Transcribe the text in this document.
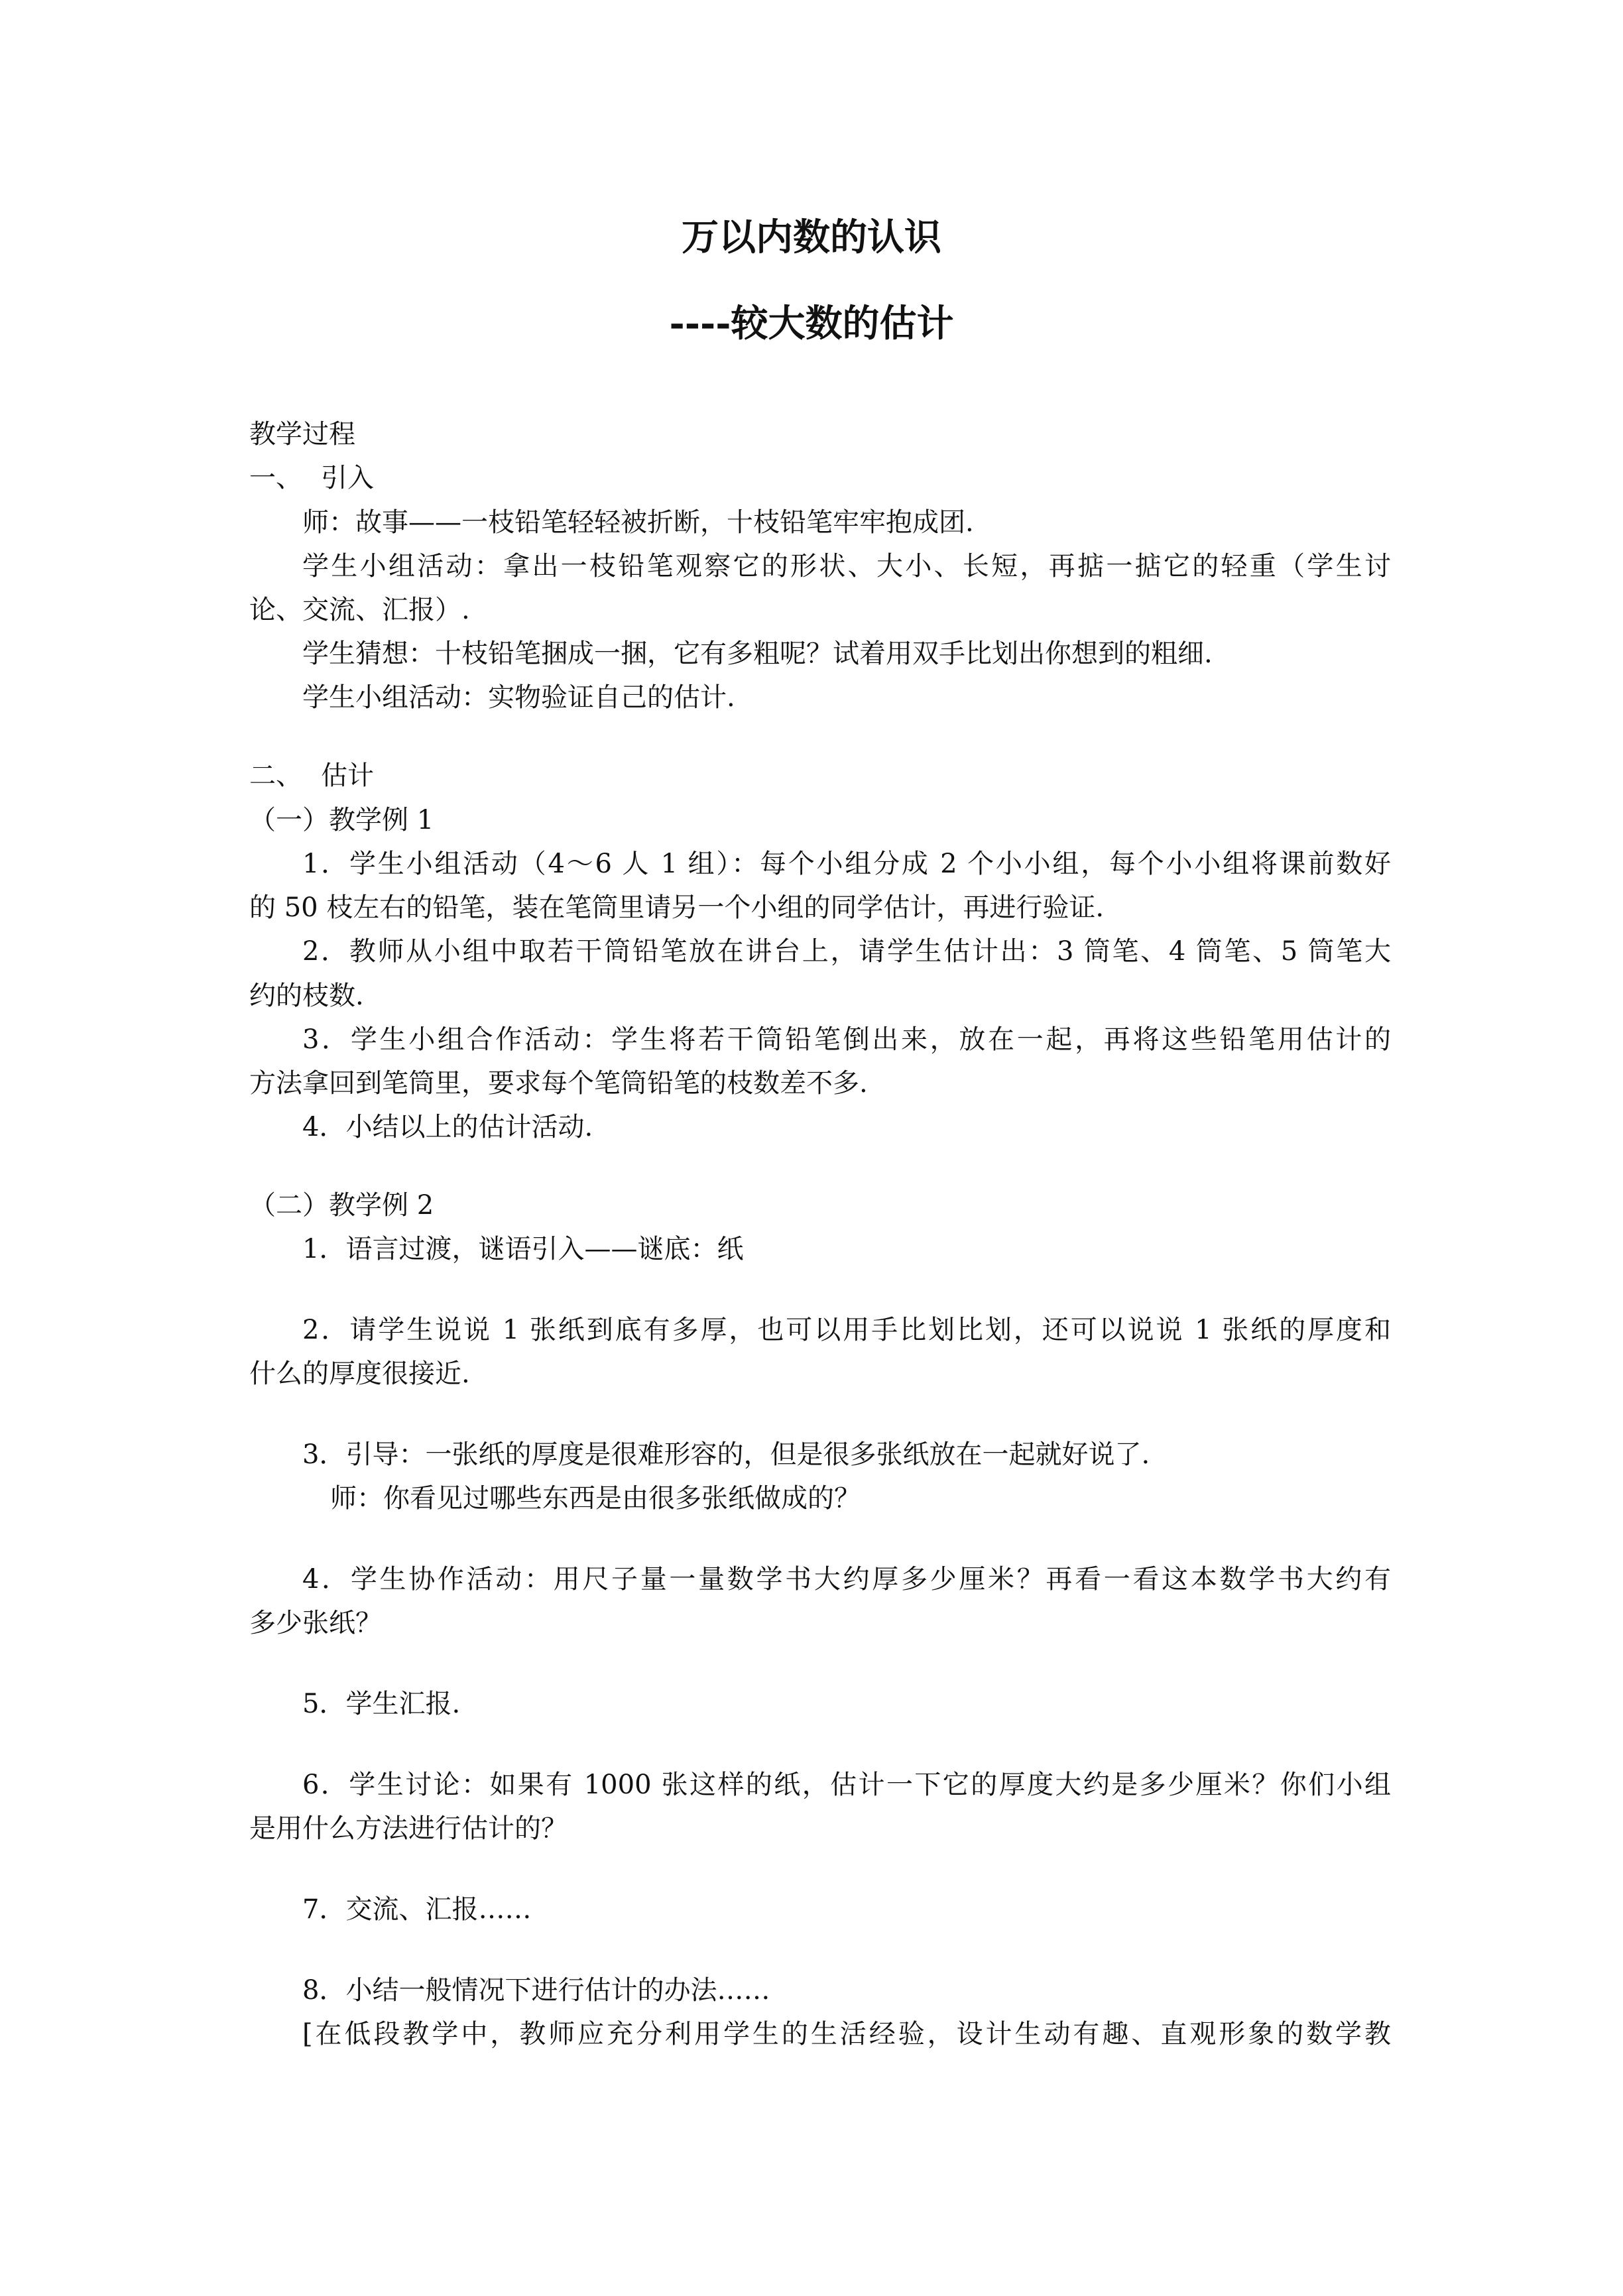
万以内数的认识
----较大数的估计
教学过程
一、 引入
师：故事——一枝铅笔轻轻被折断，十枝铅笔牢牢抱成团.
学生小组活动：拿出一枝铅笔观察它的形状、大小、长短，再掂一掂它的轻重（学生讨
论、交流、汇报）.
学生猜想：十枝铅笔捆成一捆，它有多粗呢？试着用双手比划出你想到的粗细.
学生小组活动：实物验证自己的估计.
二、 估计
（一）教学例 1
1．学生小组活动（4～6 人 1 组）：每个小组分成 2 个小小组，每个小小组将课前数好
的 50 枝左右的铅笔，装在笔筒里请另一个小组的同学估计，再进行验证.
2．教师从小组中取若干筒铅笔放在讲台上，请学生估计出：3 筒笔、4 筒笔、5 筒笔大
约的枝数.
3．学生小组合作活动：学生将若干筒铅笔倒出来，放在一起，再将这些铅笔用估计的
方法拿回到笔筒里，要求每个笔筒铅笔的枝数差不多.
4．小结以上的估计活动.
（二）教学例 2
1．语言过渡，谜语引入——谜底：纸
2．请学生说说 1 张纸到底有多厚，也可以用手比划比划，还可以说说 1 张纸的厚度和
什么的厚度很接近.
3．引导：一张纸的厚度是很难形容的，但是很多张纸放在一起就好说了.
师：你看见过哪些东西是由很多张纸做成的？
4．学生协作活动：用尺子量一量数学书大约厚多少厘米？再看一看这本数学书大约有
多少张纸？
5．学生汇报.
6．学生讨论：如果有 1000 张这样的纸，估计一下它的厚度大约是多少厘米？你们小组
是用什么方法进行估计的？
7．交流、汇报……
8．小结一般情况下进行估计的办法……
[在低段教学中，教师应充分利用学生的生活经验，设计生动有趣、直观形象的数学教
